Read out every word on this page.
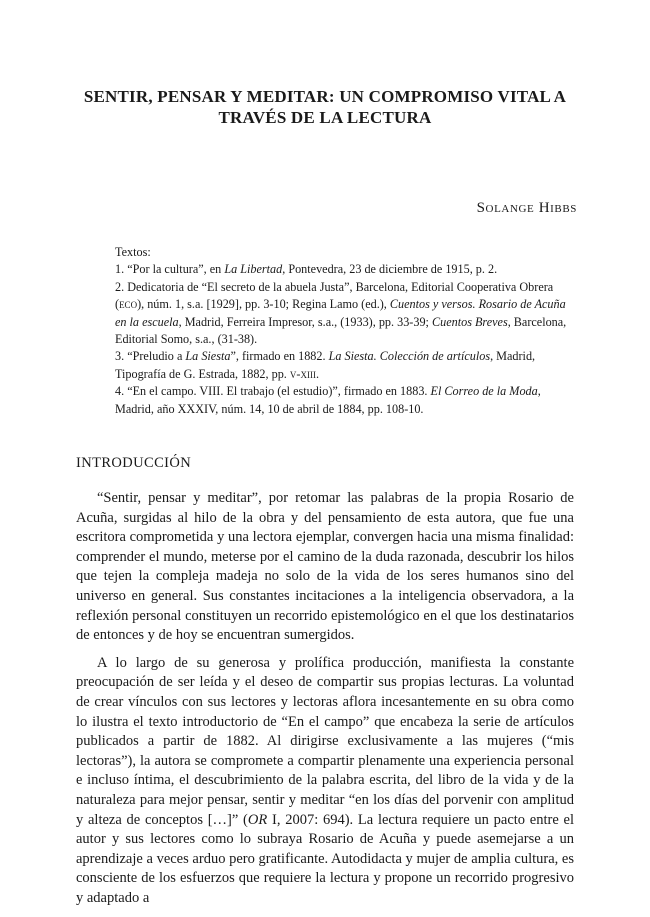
SENTIR, PENSAR Y MEDITAR: UN COMPROMISO VITAL A
TRAVÉS DE LA LECTURA
Solange Hibbs

Textos:

1. “Por la cultura”, en La Libertad, Pontevedra, 23 de diciembre de 1915, p. 2.

2. Dedicatoria de “El secreto de la abuela Justa”, Barcelona, Editorial Cooperativa Obrera (eco), núm. 1, s.a. [1929], pp. 3-10; Regina Lamo (ed.), Cuentos y versos. Rosario de Acuña en la escuela, Madrid, Ferreira Impresor, s.a., (1933), pp. 33-39; Cuentos Breves, Barcelona, Editorial Somo, s.a., (31-38).

3. “Preludio a La Siesta”, firmado en 1882. La Siesta. Colección de artículos, Madrid, Tipografía de G. Estrada, 1882, pp. v-xiii.

4. “En el campo. VIII. El trabajo (el estudio)”, firmado en 1883. El Correo de la Moda, Madrid, año XXXIV, núm. 14, 10 de abril de 1884, pp. 108-10.

INTRODUCCIÓN

“Sentir, pensar y meditar”, por retomar las palabras de la propia Rosario de Acuña, surgidas al hilo de la obra y del pensamiento de esta autora, que fue una escritora comprometida y una lectora ejemplar, convergen hacia una misma finalidad: comprender el mundo, meterse por el camino de la duda razonada, descubrir los hilos que tejen la compleja madeja no solo de la vida de los seres humanos sino del universo en general. Sus constantes incitaciones a la inteligencia observadora, a la reflexión personal constituyen un recorrido epistemológico en el que los destinatarios de entonces y de hoy se encuentran sumergidos.

A lo largo de su generosa y prolífica producción, manifiesta la constante preocupación de ser leída y el deseo de compartir sus propias lecturas. La voluntad de crear vínculos con sus lectores y lectoras aflora incesantemente en su obra como lo ilustra el texto introductorio de “En el campo” que encabeza la serie de artículos publicados a partir de 1882. Al dirigirse exclusivamente a las mujeres (“mis lectoras”), la autora se compromete a compartir plenamente una experiencia personal e incluso íntima, el descubrimiento de la palabra escrita, del libro de la vida y de la naturaleza para mejor pensar, sentir y meditar “en los días del porvenir con amplitud y alteza de conceptos […]” (OR I, 2007: 694). La lectura requiere un pacto entre el autor y sus lectores como lo subraya Rosario de Acuña y puede asemejarse a un aprendizaje a veces arduo pero gratificante. Autodidacta y mujer de amplia cultura, es consciente de los esfuerzos que requiere la lectura y propone un recorrido progresivo y adaptado a
